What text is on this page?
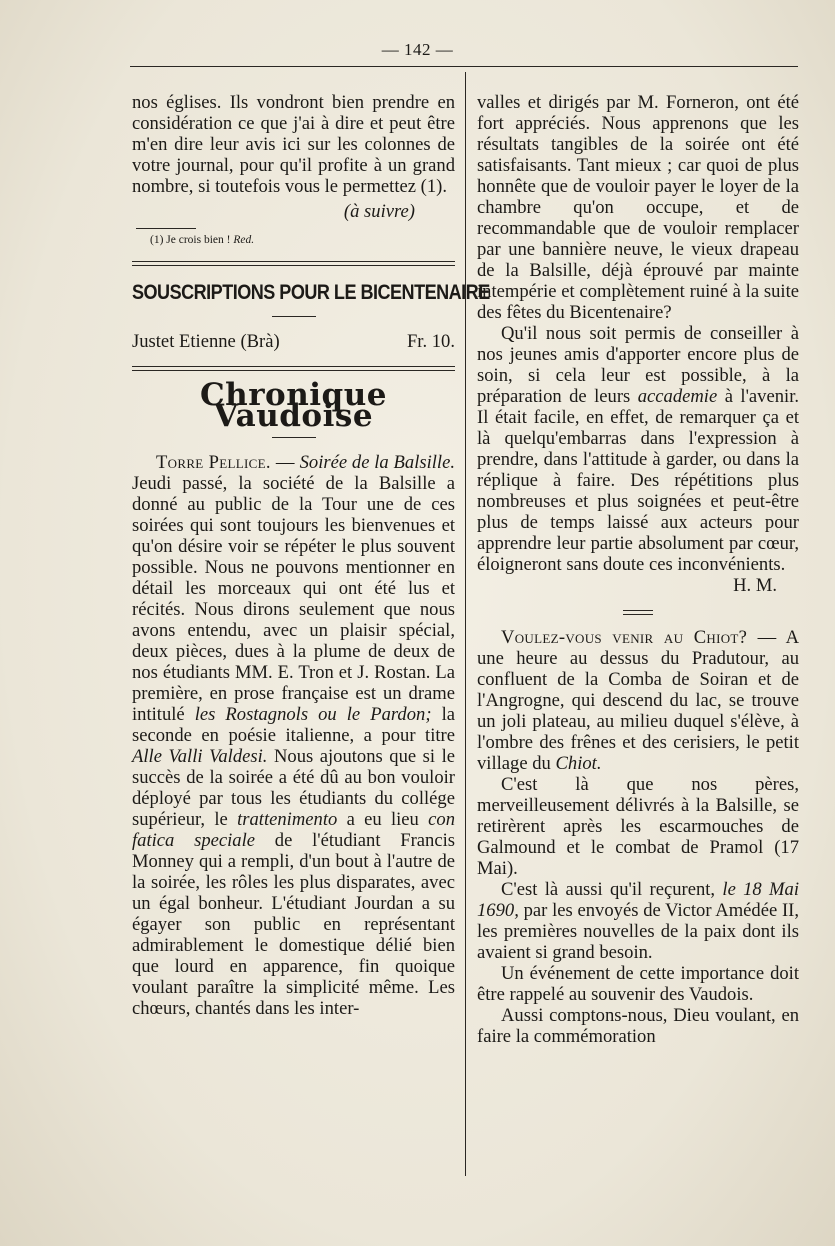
— 142 —

nos églises. Ils vondront bien prendre en considération ce que j'ai à dire et peut être m'en dire leur avis ici sur les colonnes de votre journal, pour qu'il profite à un grand nombre, si toutefois vous le permettez (1).

(à suivre)
(1) Je crois bien ! Red.
SOUSCRIPTIONS POUR LE BICENTENAIRE
Justet Etienne (Brà)	Fr. 10.
Chronique Vaudoise

Torre Pellice. — Soirée de la Balsille. Jeudi passé, la société de la Balsille a donné au public de la Tour une de ces soirées qui sont toujours les bienvenues et qu'on désire voir se répéter le plus souvent possible. Nous ne pouvons mentionner en détail les morceaux qui ont été lus et récités. Nous dirons seulement que nous avons entendu, avec un plaisir spécial, deux pièces, dues à la plume de deux de nos étudiants MM. E. Tron et J. Rostan. La première, en prose française est un drame intitulé les Rostagnols ou le Pardon; la seconde en poésie italienne, a pour titre Alle Valli Valdesi. Nous ajoutons que si le succès de la soirée a été dû au bon vouloir déployé par tous les étudiants du collége supérieur, le trattenimento a eu lieu con fatica speciale de l'étudiant Francis Monney qui a rempli, d'un bout à l'autre de la soirée, les rôles les plus disparates, avec un égal bonheur. L'étudiant Jourdan a su égayer son public en représentant admirablement le domestique délié bien que lourd en apparence, fin quoique voulant paraître la simplicité même. Les chœurs, chantés dans les inter-

valles et dirigés par M. Forneron, ont été fort appréciés. Nous apprenons que les résultats tangibles de la soirée ont été satisfaisants. Tant mieux ; car quoi de plus honnête que de vouloir payer le loyer de la chambre qu'on occupe, et de recommandable que de vouloir remplacer par une bannière neuve, le vieux drapeau de la Balsille, déjà éprouvé par mainte intempérie et complètement ruiné à la suite des fêtes du Bicentenaire?

Qu'il nous soit permis de conseiller à nos jeunes amis d'apporter encore plus de soin, si cela leur est possible, à la préparation de leurs accademie à l'avenir. Il était facile, en effet, de remarquer ça et là quelqu'embarras dans l'expression à prendre, dans l'attitude à garder, ou dans la réplique à faire. Des répétitions plus nombreuses et plus soignées et peut-être plus de temps laissé aux acteurs pour apprendre leur partie absolument par cœur, éloigneront sans doute ces inconvénients.

H. M.

Voulez-vous venir au Chiot? — A une heure au dessus du Pradutour, au confluent de la Comba de Soiran et de l'Angrogne, qui descend du lac, se trouve un joli plateau, au milieu duquel s'élève, à l'ombre des frênes et des cerisiers, le petit village du Chiot.

C'est là que nos pères, merveilleusement délivrés à la Balsille, se retirèrent après les escarmouches de Galmound et le combat de Pramol (17 Mai).

C'est là aussi qu'il reçurent, le 18 Mai 1690, par les envoyés de Victor Amédée II, les premières nouvelles de la paix dont ils avaient si grand besoin.

Un événement de cette importance doit être rappelé au souvenir des Vaudois.

Aussi comptons-nous, Dieu voulant, en faire la commémoration
